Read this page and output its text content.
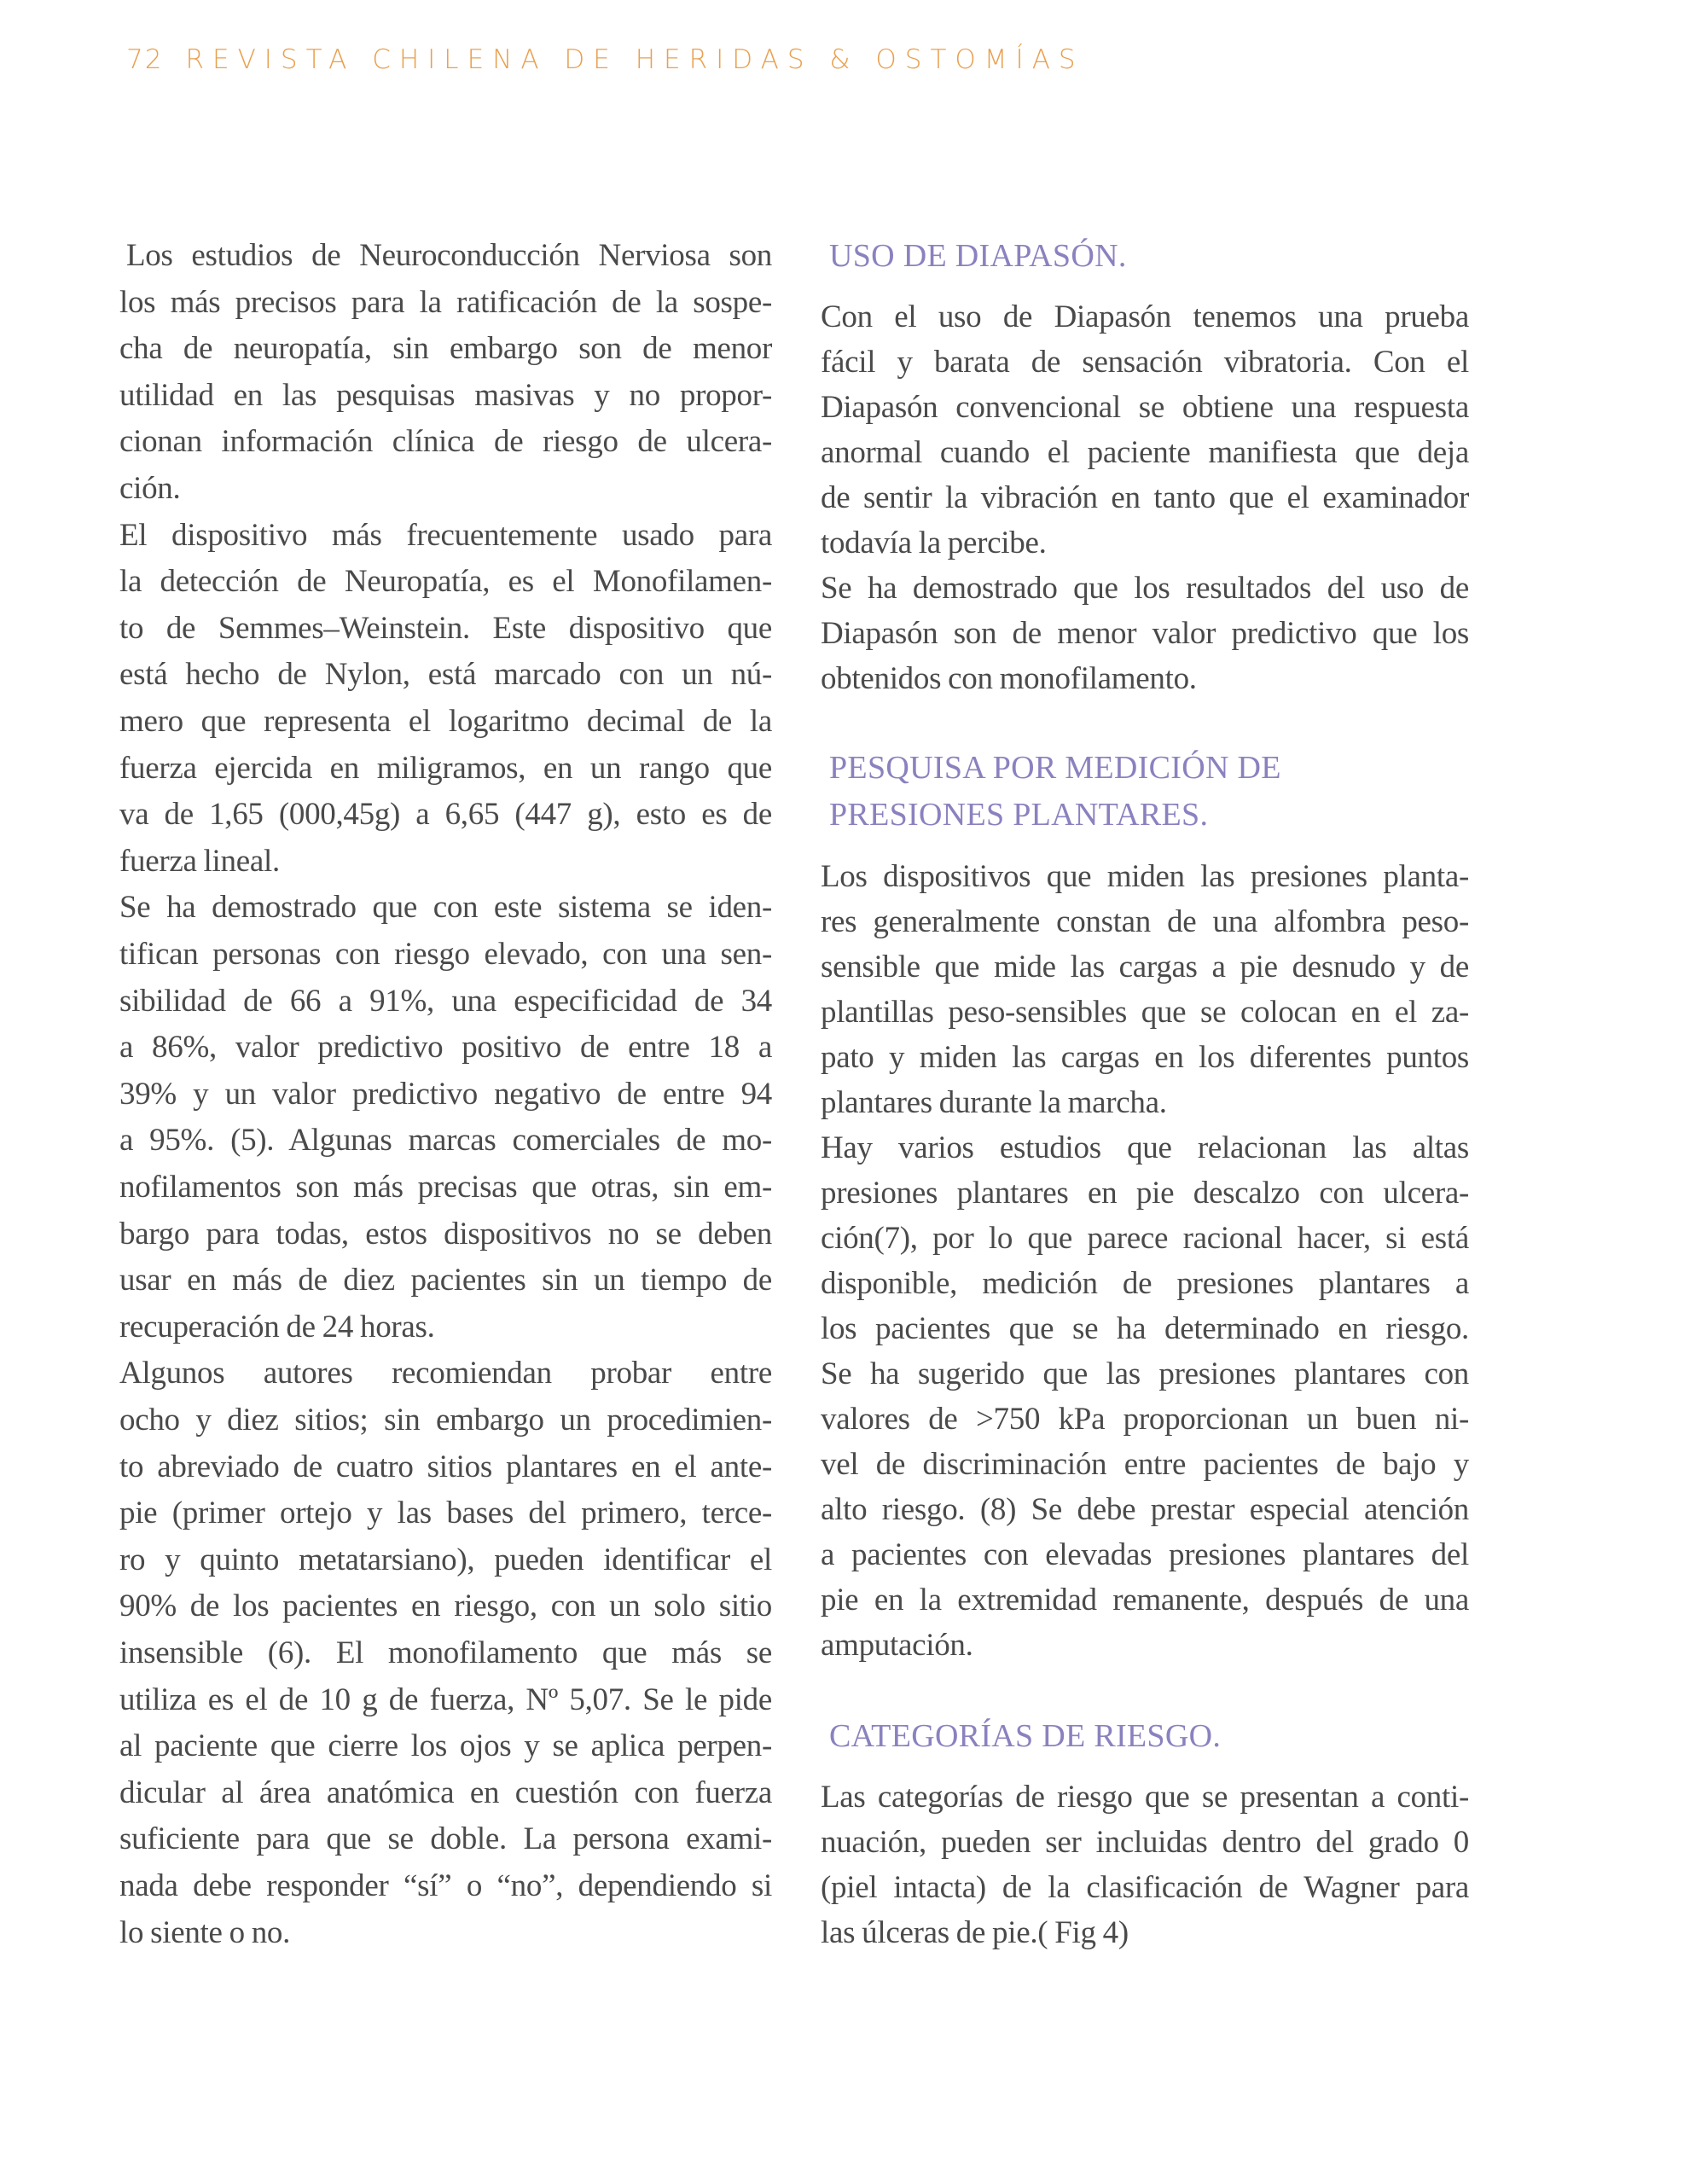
72 REVISTA CHILENA DE HERIDAS & OSTOMÍAS
Los estudios de Neuroconducción Nerviosa son
los más precisos para la ratificación de la sospe-
cha de neuropatía, sin embargo son de menor
utilidad en las pesquisas masivas y no propor-
cionan información clínica de riesgo de ulcera-
ción.
El dispositivo más frecuentemente usado para
la detección de Neuropatía, es el Monofilamen-
to de Semmes–Weinstein. Este dispositivo que
está hecho de Nylon, está marcado con un nú-
mero que representa el logaritmo decimal de la
fuerza ejercida en miligramos, en un rango que
va de 1,65 (000,45g) a 6,65 (447 g), esto es de
fuerza lineal.
Se ha demostrado que con este sistema se iden-
tifican personas con riesgo elevado, con una sen-
sibilidad de 66 a 91%, una especificidad de 34
a 86%, valor predictivo positivo de entre 18 a
39% y un valor predictivo negativo de entre 94
a 95%. (5). Algunas marcas comerciales de mo-
nofilamentos son más precisas que otras, sin em-
bargo para todas, estos dispositivos no se deben
usar en más de diez pacientes sin un tiempo de
recuperación de 24 horas.
Algunos autores recomiendan probar entre
ocho y diez sitios; sin embargo un procedimien-
to abreviado de cuatro sitios plantares en el ante-
pie (primer ortejo y las bases del primero, terce-
ro y quinto metatarsiano), pueden identificar el
90% de los pacientes en riesgo, con un solo sitio
insensible (6). El monofilamento que más se
utiliza es el de 10 g de fuerza, Nº 5,07. Se le pide
al paciente que cierre los ojos y se aplica perpen-
dicular al área anatómica en cuestión con fuerza
suficiente para que se doble. La persona exami-
nada debe responder “sí” o “no”, dependiendo si
lo siente o no.
USO DE DIAPASÓN.
Con el uso de Diapasón tenemos una prueba
fácil y barata de sensación vibratoria. Con el
Diapasón convencional se obtiene una respuesta
anormal cuando el paciente manifiesta que deja
de sentir la vibración en tanto que el examinador
todavía la percibe.
Se ha demostrado que los resultados del uso de
Diapasón son de menor valor predictivo que los
obtenidos con monofilamento.
PESQUISA POR MEDICIÓN DE
PRESIONES PLANTARES.
Los dispositivos que miden las presiones planta-
res generalmente constan de una alfombra peso-
sensible que mide las cargas a pie desnudo y de
plantillas peso-sensibles que se colocan en el za-
pato y miden las cargas en los diferentes puntos
plantares durante la marcha.
Hay varios estudios que relacionan las altas
presiones plantares en pie descalzo con ulcera-
ción(7), por lo que parece racional hacer, si está
disponible, medición de presiones plantares a
los pacientes que se ha determinado en riesgo.
Se ha sugerido que las presiones plantares con
valores de >750 kPa proporcionan un buen ni-
vel de discriminación entre pacientes de bajo y
alto riesgo. (8) Se debe prestar especial atención
a pacientes con elevadas presiones plantares del
pie en la extremidad remanente, después de una
amputación.
CATEGORÍAS DE RIESGO.
Las categorías de riesgo que se presentan a conti-
nuación, pueden ser incluidas dentro del grado 0
(piel intacta) de la clasificación de Wagner para
las úlceras de pie.( Fig 4)
